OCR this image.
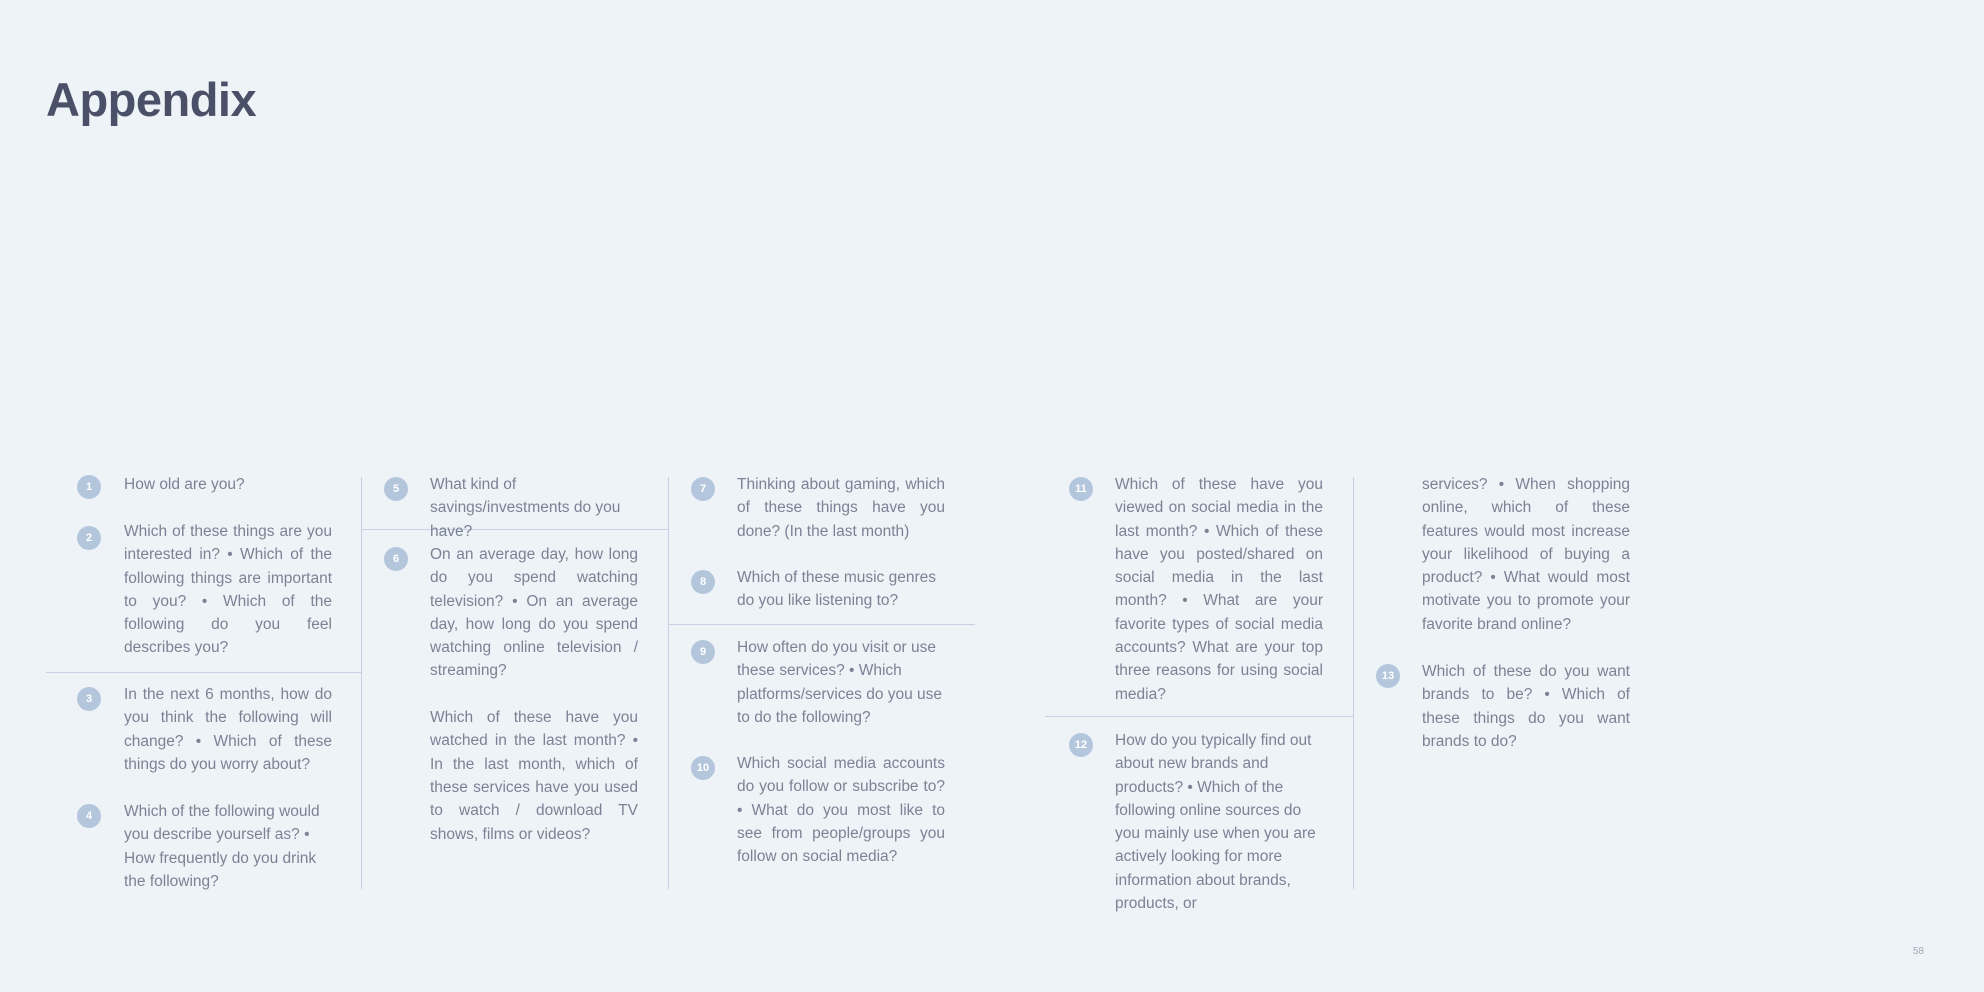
Appendix
1	How old are you?
2	Which of these things are you interested in? • Which of the following things are important to you? • Which of the following do you feel describes you?
3	In the next 6 months, how do you think the following will change? • Which of these things do you worry about?
4	Which of the following would you describe yourself as? • How frequently do you drink the following?
5	What kind of savings/investments do you have?
6	On an average day, how long do you spend watching television? • On an average day, how long do you spend watching online television / streaming?

Which of these have you watched in the last month? • In the last month, which of these services have you used to watch / download TV shows, films or videos?
7	Thinking about gaming, which of these things have you done? (In the last month)
8	Which of these music genres do you like listening to?
9	How often do you visit or use these services? • Which platforms/services do you use to do the following?
10	Which social media accounts do you follow or subscribe to? • What do you most like to see from people/groups you follow on social media?
11	Which of these have you viewed on social media in the last month? • Which of these have you posted/shared on social media in the last month? • What are your favorite types of social media accounts? What are your top three reasons for using social media?
12	How do you typically find out about new brands and products? • Which of the following online sources do you mainly use when you are actively looking for more information about brands, products, or
services? • When shopping online, which of these features would most increase your likelihood of buying a product? • What would most motivate you to promote your favorite brand online?
13	Which of these do you want brands to be? • Which of these things do you want brands to do?
58
